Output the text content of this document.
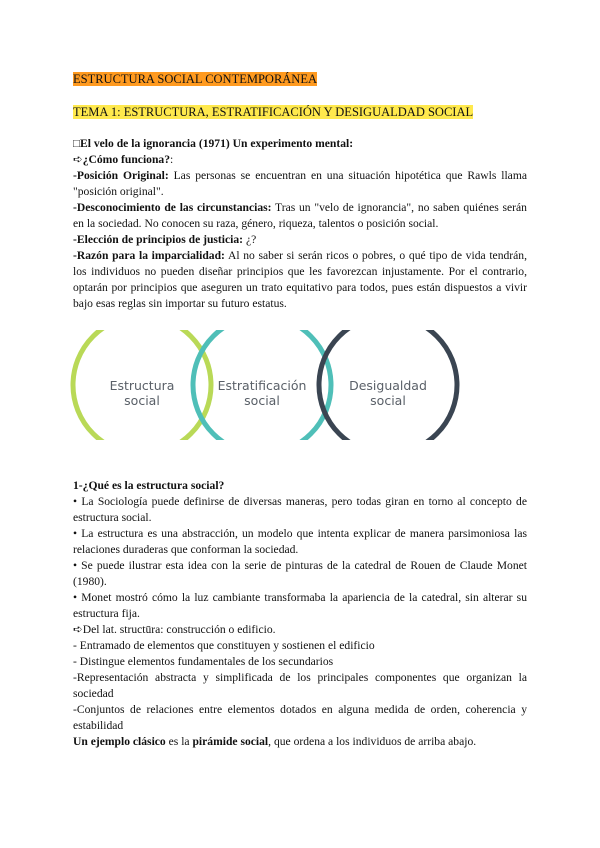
ESTRUCTURA SOCIAL CONTEMPORÁNEA
TEMA 1: ESTRUCTURA, ESTRATIFICACIÓN Y DESIGUALDAD SOCIAL

□El velo de la ignorancia (1971) Un experimento mental:

➪¿Cómo funciona?:

-Posición Original: Las personas se encuentran en una situación hipotética que Rawls llama "posición original".

-Desconocimiento de las circunstancias: Tras un "velo de ignorancia", no saben quiénes serán en la sociedad. No conocen su raza, género, riqueza, talentos o posición social.

-Elección de principios de justicia: ¿?

-Razón para la imparcialidad: Al no saber si serán ricos o pobres, o qué tipo de vida tendrán, los individuos no pueden diseñar principios que les favorezcan injustamente. Por el contrario, optarán por principios que aseguren un trato equitativo para todos, pues están dispuestos a vivir bajo esas reglas sin importar su futuro estatus.

Estructura
social
Estratificación
social
Desigualdad
social

1-¿Qué es la estructura social?

• La Sociología puede definirse de diversas maneras, pero todas giran en torno al concepto de estructura social.

• La estructura es una abstracción, un modelo que intenta explicar de manera parsimoniosa las relaciones duraderas que conforman la sociedad.

• Se puede ilustrar esta idea con la serie de pinturas de la catedral de Rouen de Claude Monet (1980).

• Monet mostró cómo la luz cambiante transformaba la apariencia de la catedral, sin alterar su estructura fija.

➪Del lat. structūra: construcción o edificio.

- Entramado de elementos que constituyen y sostienen el edificio

- Distingue elementos fundamentales de los secundarios

-Representación abstracta y simplificada de los principales componentes que organizan la sociedad

-Conjuntos de relaciones entre elementos dotados en alguna medida de orden, coherencia y estabilidad

Un ejemplo clásico es la pirámide social, que ordena a los individuos de arriba abajo.
